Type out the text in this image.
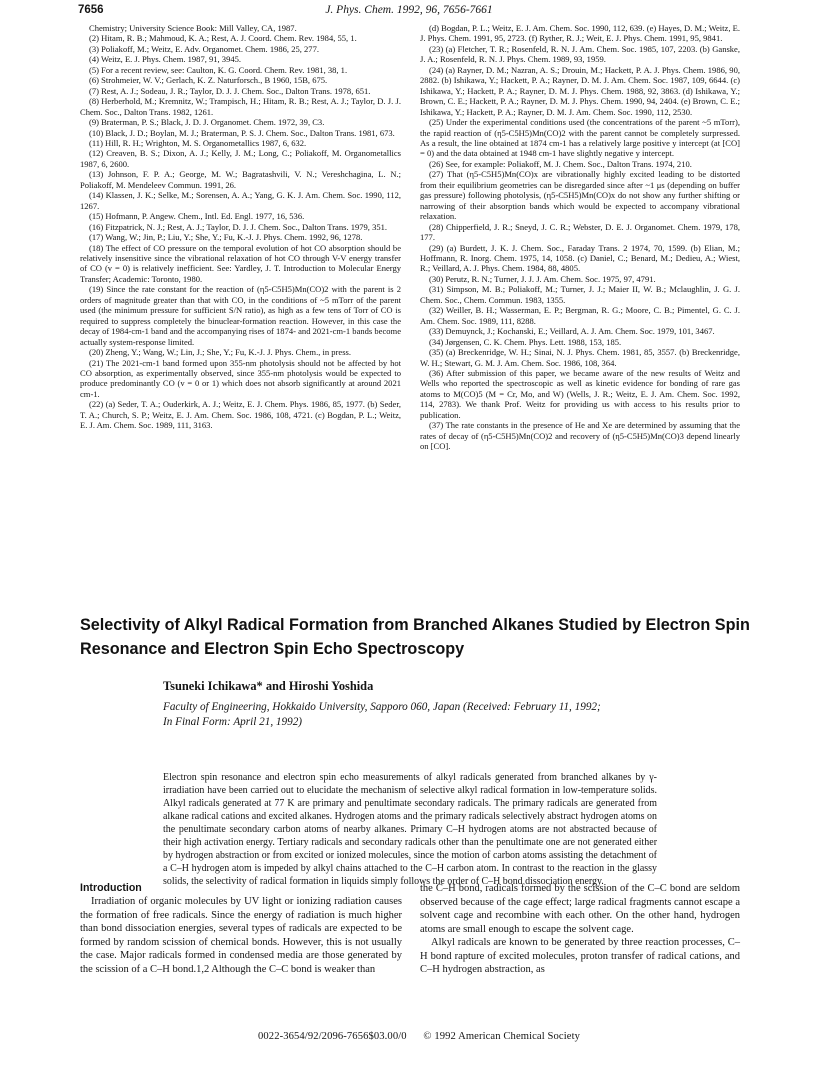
7656	J. Phys. Chem. 1992, 96, 7656-7661

Chemistry; University Science Book: Mill Valley, CA, 1987.

(2) Hitam, R. B.; Mahmoud, K. A.; Rest, A. J. Coord. Chem. Rev. 1984, 55, 1.

(3) Poliakoff, M.; Weitz, E. Adv. Organomet. Chem. 1986, 25, 277.

(4) Weitz, E. J. Phys. Chem. 1987, 91, 3945.

(5) For a recent review, see: Caulton, K. G. Coord. Chem. Rev. 1981, 38, 1.

(6) Strohmeier, W. V.; Gerlach, K. Z. Naturforsch., B 1960, 15B, 675.

(7) Rest, A. J.; Sodeau, J. R.; Taylor, D. J. J. Chem. Soc., Dalton Trans. 1978, 651.

(8) Herberhold, M.; Kremnitz, W.; Trampisch, H.; Hitam, R. B.; Rest, A. J.; Taylor, D. J. J. Chem. Soc., Dalton Trans. 1982, 1261.

(9) Braterman, P. S.; Black, J. D. J. Organomet. Chem. 1972, 39, C3.

(10) Black, J. D.; Boylan, M. J.; Braterman, P. S. J. Chem. Soc., Dalton Trans. 1981, 673.

(11) Hill, R. H.; Wrighton, M. S. Organometallics 1987, 6, 632.

(12) Creaven, B. S.; Dixon, A. J.; Kelly, J. M.; Long, C.; Poliakoff, M. Organometallics 1987, 6, 2600.

(13) Johnson, F. P. A.; George, M. W.; Bagratashvili, V. N.; Vereshchagina, L. N.; Poliakoff, M. Mendeleev Commun. 1991, 26.

(14) Klassen, J. K.; Selke, M.; Sorensen, A. A.; Yang, G. K. J. Am. Chem. Soc. 1990, 112, 1267.

(15) Hofmann, P. Angew. Chem., Intl. Ed. Engl. 1977, 16, 536.

(16) Fitzpatrick, N. J.; Rest, A. J.; Taylor, D. J. J. Chem. Soc., Dalton Trans. 1979, 351.

(17) Wang, W.; Jin, P.; Liu, Y.; She, Y.; Fu, K.-J. J. Phys. Chem. 1992, 96, 1278.

(18) The effect of CO pressure on the temporal evolution of hot CO absorption should be relatively insensitive since the vibrational relaxation of hot CO through V-V energy transfer of CO (v = 0) is relatively inefficient. See: Yardley, J. T. Introduction to Molecular Energy Transfer; Academic: Toronto, 1980.

(19) Since the rate constant for the reaction of (η5-C5H5)Mn(CO)2 with the parent is 2 orders of magnitude greater than that with CO, in the conditions of ~5 mTorr of the parent used (the minimum pressure for sufficient S/N ratio), as high as a few tens of Torr of CO is required to suppress completely the binuclear-formation reaction. However, in this case the decay of 1984-cm-1 band and the accompanying rises of 1874- and 2021-cm-1 bands become actually system-response limited.

(20) Zheng, Y.; Wang, W.; Lin, J.; She, Y.; Fu, K.-J. J. Phys. Chem., in press.

(21) The 2021-cm-1 band formed upon 355-nm photolysis should not be affected by hot CO absorption, as experimentally observed, since 355-nm photolysis would be expected to produce predominantly CO (v = 0 or 1) which does not absorb significantly at around 2021 cm-1.

(22) (a) Seder, T. A.; Ouderkirk, A. J.; Weitz, E. J. Chem. Phys. 1986, 85, 1977. (b) Seder, T. A.; Church, S. P.; Weitz, E. J. Am. Chem. Soc. 1986, 108, 4721. (c) Bogdan, P. L.; Weitz, E. J. Am. Chem. Soc. 1989, 111, 3163.

(d) Bogdan, P. L.; Weitz, E. J. Am. Chem. Soc. 1990, 112, 639. (e) Hayes, D. M.; Weitz, E. J. Phys. Chem. 1991, 95, 2723. (f) Ryther, R. J.; Weit, E. J. Phys. Chem. 1991, 95, 9841.

(23) (a) Fletcher, T. R.; Rosenfeld, R. N. J. Am. Chem. Soc. 1985, 107, 2203. (b) Ganske, J. A.; Rosenfeld, R. N. J. Phys. Chem. 1989, 93, 1959.

(24) (a) Rayner, D. M.; Nazran, A. S.; Drouin, M.; Hackett, P. A. J. Phys. Chem. 1986, 90, 2882. (b) Ishikawa, Y.; Hackett, P. A.; Rayner, D. M. J. Am. Chem. Soc. 1987, 109, 6644. (c) Ishikawa, Y.; Hackett, P. A.; Rayner, D. M. J. Phys. Chem. 1988, 92, 3863. (d) Ishikawa, Y.; Brown, C. E.; Hackett, P. A.; Rayner, D. M. J. Phys. Chem. 1990, 94, 2404. (e) Brown, C. E.; Ishikawa, Y.; Hackett, P. A.; Rayner, D. M. J. Am. Chem. Soc. 1990, 112, 2530.

(25) Under the experimental conditions used (the concentrations of the parent ~5 mTorr), the rapid reaction of (η5-C5H5)Mn(CO)2 with the parent cannot be completely surpressed. As a result, the line obtained at 1874 cm-1 has a relatively large positive y intercept (at [CO] = 0) and the data obtained at 1948 cm-1 have slightly negative y intercept.

(26) See, for example: Poliakoff, M. J. Chem. Soc., Dalton Trans. 1974, 210.

(27) That (η5-C5H5)Mn(CO)x are vibrationally highly excited leading to be distorted from their equilibrium geometries can be disregarded since after ~1 μs (depending on buffer gas pressure) following photolysis, (η5-C5H5)Mn(CO)x do not show any further shifting or narrowing of their absorption bands which would be expected to accompany vibrational relaxation.

(28) Chipperfield, J. R.; Sneyd, J. C. R.; Webster, D. E. J. Organomet. Chem. 1979, 178, 177.

(29) (a) Burdett, J. K. J. Chem. Soc., Faraday Trans. 2 1974, 70, 1599. (b) Elian, M.; Hoffmann, R. Inorg. Chem. 1975, 14, 1058. (c) Daniel, C.; Benard, M.; Dedieu, A.; Wiest, R.; Veillard, A. J. Phys. Chem. 1984, 88, 4805.

(30) Perutz, R. N.; Turner, J. J. J. Am. Chem. Soc. 1975, 97, 4791.

(31) Simpson, M. B.; Poliakoff, M.; Turner, J. J.; Maier II, W. B.; Mclaughlin, J. G. J. Chem. Soc., Chem. Commun. 1983, 1355.

(32) Weiller, B. H.; Wasserman, E. P.; Bergman, R. G.; Moore, C. B.; Pimentel, G. C. J. Am. Chem. Soc. 1989, 111, 8288.

(33) Demuynck, J.; Kochanski, E.; Veillard, A. J. Am. Chem. Soc. 1979, 101, 3467.

(34) Jørgensen, C. K. Chem. Phys. Lett. 1988, 153, 185.

(35) (a) Breckenridge, W. H.; Sinai, N. J. Phys. Chem. 1981, 85, 3557. (b) Breckenridge, W. H.; Stewart, G. M. J. Am. Chem. Soc. 1986, 108, 364.

(36) After submission of this paper, we became aware of the new results of Weitz and Wells who reported the spectroscopic as well as kinetic evidence for bonding of rare gas atoms to M(CO)5 (M = Cr, Mo, and W) (Wells, J. R.; Weitz, E. J. Am. Chem. Soc. 1992, 114, 2783). We thank Prof. Weitz for providing us with access to his results prior to publication.

(37) The rate constants in the presence of He and Xe are determined by assuming that the rates of decay of (η5-C5H5)Mn(CO)2 and recovery of (η5-C5H5)Mn(CO)3 depend linearly on [CO].

Selectivity of Alkyl Radical Formation from Branched Alkanes Studied by Electron Spin Resonance and Electron Spin Echo Spectroscopy
Tsuneki Ichikawa* and Hiroshi Yoshida
Faculty of Engineering, Hokkaido University, Sapporo 060, Japan (Received: February 11, 1992;
In Final Form: April 21, 1992)
Electron spin resonance and electron spin echo measurements of alkyl radicals generated from branched alkanes by γ-irradiation have been carried out to elucidate the mechanism of selective alkyl radical formation in low-temperature solids. Alkyl radicals generated at 77 K are primary and penultimate secondary radicals. The primary radicals are generated from alkane radical cations and excited alkanes. Hydrogen atoms and the primary radicals selectively abstract hydrogen atoms on the penultimate secondary carbon atoms of nearby alkanes. Primary C–H hydrogen atoms are not abstracted because of their high activation energy. Tertiary radicals and secondary radicals other than the penultimate one are not generated either by hydrogen abstraction or from excited or ionized molecules, since the motion of carbon atoms assisting the detachment of a C–H hydrogen atom is impeded by alkyl chains attached to the C–H carbon atom. In contrast to the reaction in the glassy solids, the selectivity of radical formation in liquids simply follows the order of C–H bond dissociation energy.
Introduction

Irradiation of organic molecules by UV light or ionizing radiation causes the formation of free radicals. Since the energy of radiation is much higher than bond dissociation energies, several types of radicals are expected to be formed by random scission of chemical bonds. However, this is not usually the case. Major radicals formed in condensed media are those generated by the scission of a C–H bond.1,2 Although the C–C bond is weaker than

the C–H bond, radicals formed by the scission of the C–C bond are seldom observed because of the cage effect; large radical fragments cannot escape a solvent cage and recombine with each other. On the other hand, hydrogen atoms are small enough to escape the solvent cage.

Alkyl radicals are known to be generated by three reaction processes, C–H bond rapture of excited molecules, proton transfer of radical cations, and C–H hydrogen abstraction, as

0022-3654/92/2096-7656$03.00/0 © 1992 American Chemical Society
